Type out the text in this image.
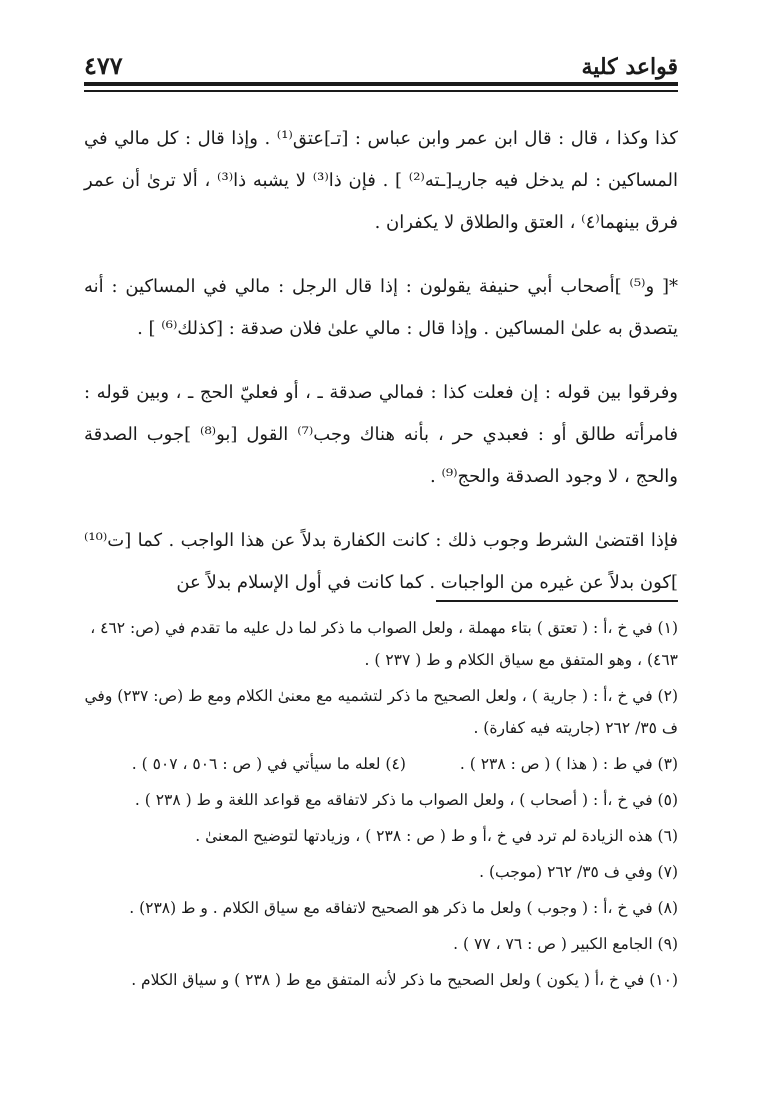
٤٧٧	قواعد كلية

كذا وكذا ، قال : قال ابن عمر وابن عباس : [تـ]عتق⁽¹⁾ . وإذا قال : كل مالي في المساكين : لم يدخل فيه جاريـ[ـته⁽²⁾ ] . فإن ذا⁽³⁾ لا يشبه ذا⁽³⁾ ، ألا ترىٰ أن عمر فرق بينهما⁽٤⁾ ، العتق والطلاق لا يكفران .

*[ و⁽⁵⁾ ]أصحاب أبي حنيفة يقولون : إذا قال الرجل : مالي في المساكين : أنه يتصدق به علىٰ المساكين . وإذا قال : مالي علىٰ فلان صدقة : [كذلك⁽⁶⁾ ] .

وفرقوا بين قوله : إن فعلت كذا : فمالي صدقة ـ ، أو فعليّ الحج ـ ، وبين قوله : فامرأته طالق أو : فعبدي حر ، بأنه هناك وجب⁽⁷⁾ القول [بو⁽⁸⁾ ]جوب الصدقة والحج ، لا وجود الصدقة والحج⁽⁹⁾ .

فإذا اقتضىٰ الشرط وجوب ذلك : كانت الكفارة بدلاً عن هذا الواجب . كما [ت⁽¹⁰⁾ ]كون بدلاً عن غيره من الواجبات . كما كانت في أول الإسلام بدلاً عن

(١) في خ ،أ : ( تعتق ) بتاء مهملة ، ولعل الصواب ما ذكر لما دل عليه ما تقدم في (ص: ٤٦٢ ، ٤٦٣) ، وهو المتفق مع سياق الكلام و ط ( ٢٣٧ ) .
(٢) في خ ،أ : ( جارية ) ، ولعل الصحيح ما ذكر لتشميه مع معنىٰ الكلام ومع ط (ص: ٢٣٧) وفي ف ٣٥/ ٢٦٢ (جاريته فيه كفارة) .
(٣) في ط : ( هذا ) ( ص : ٢٣٨ ) .
(٤) لعله ما سيأتي في ( ص : ٥٠٦ ، ٥٠٧ ) .
(٥) في خ ،أ : ( أصحاب ) ، ولعل الصواب ما ذكر لاتفاقه مع قواعد اللغة و ط ( ٢٣٨ ) .
(٦) هذه الزيادة لم ترد في خ ،أ و ط ( ص : ٢٣٨ ) ، وزيادتها لتوضيح المعنىٰ .
(٧) وفي ف ٣٥/ ٢٦٢ (موجب) .
(٨) في خ ،أ : ( وجوب ) ولعل ما ذكر هو الصحيح لاتفاقه مع سياق الكلام . و ط (٢٣٨) .
(٩) الجامع الكبير ( ص : ٧٦ ، ٧٧ ) .
(١٠) في خ ،أ ( يكون ) ولعل الصحيح ما ذكر لأنه المتفق مع ط ( ٢٣٨ ) و سياق الكلام .
